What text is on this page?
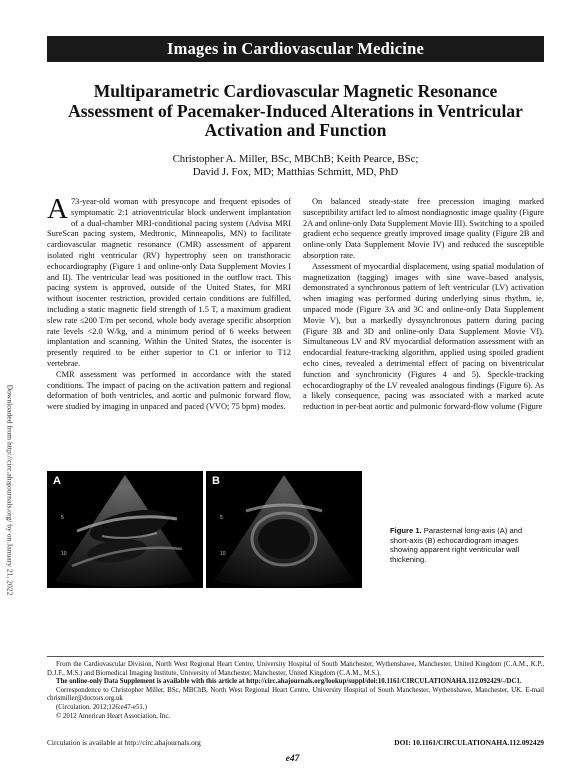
Images in Cardiovascular Medicine
Multiparametric Cardiovascular Magnetic Resonance Assessment of Pacemaker-Induced Alterations in Ventricular Activation and Function
Christopher A. Miller, BSc, MBChB; Keith Pearce, BSc;
David J. Fox, MD; Matthias Schmitt, MD, PhD
Downloaded from http://circ.ahajournals.org/ by on January 21, 2022

A 73-year-old woman with presyncope and frequent episodes of symptomatic 2:1 atrioventricular block underwent implantation of a dual-chamber MRI-conditional pacing system (Advisa MRI SureScan pacing system, Medtronic, Minneapolis, MN) to facilitate cardiovascular magnetic resonance (CMR) assessment of apparent isolated right ventricular (RV) hypertrophy seen on transthoracic echocardiography (Figure 1 and online-only Data Supplement Movies I and II). The ventricular lead was positioned in the outflow tract. This pacing system is approved, outside of the United States, for MRI without isocenter restriction, provided certain conditions are fulfilled, including a static magnetic field strength of 1.5 T, a maximum gradient slew rate ≤200 T/m per second, whole body average specific absorption rate levels <2.0 W/kg, and a minimum period of 6 weeks between implantation and scanning. Within the United States, the isocenter is presently required to be either superior to C1 or inferior to T12 vertebrae.

CMR assessment was performed in accordance with the stated conditions. The impact of pacing on the activation pattern and regional deformation of both ventricles, and aortic and pulmonic forward flow, were studied by imaging in unpaced and paced (VVO; 75 bpm) modes.

On balanced steady-state free precession imaging marked susceptibility artifact led to almost nondiagnostic image quality (Figure 2A and online-only Data Supplement Movie III). Switching to a spoiled gradient echo sequence greatly improved image quality (Figure 2B and online-only Data Supplement Movie IV) and reduced the susceptible absorption rate.

Assessment of myocardial displacement, using spatial modulation of magnetization (tagging) images with sine wave–based analysis, demonstrated a synchronous pattern of left ventricular (LV) activation when imaging was performed during underlying sinus rhythm, ie, unpaced mode (Figure 3A and 3C and online-only Data Supplement Movie V), but a markedly dyssynchronous pattern during pacing (Figure 3B and 3D and online-only Data Supplement Movie VI). Simultaneous LV and RV myocardial deformation assessment with an endocardial feature-tracking algorithm, applied using spoiled gradient echo cines, revealed a detrimental effect of pacing on biventricular function and synchronicity (Figures 4 and 5). Speckle-tracking echocardiography of the LV revealed analogous findings (Figure 6). As a likely consequence, pacing was associated with a marked acute reduction in per-beat aortic and pulmonic forward-flow volume (Figure

5
10
A
5
10
B
Figure 1. Parasternal long-axis (A) and short-axis (B) echocardiogram images showing apparent right ventricular wall thickening.

From the Cardiovascular Division, North West Regional Heart Centre, University Hospital of South Manchester, Wythenshawe, Manchester, United Kingdom (C.A.M., K.P., D.J.F., M.S.) and Biomedical Imaging Institute, University of Manchester, Manchester, United Kingdom (C.A.M., M.S.).

The online-only Data Supplement is available with this article at http://circ.ahajournals.org/lookup/suppl/doi:10.1161/CIRCULATIONAHA.112.092429/-/DC1.

Correspondence to Christopher Miller, BSc, MBChB, North West Regional Heart Centre, University Hospital of South Manchester, Wythenshawe, Manchester, UK. E-mail chrismiller@doctors.org.uk

(Circulation. 2012;126:e47-e51.)

© 2012 American Heart Association, Inc.

Circulation is available at http://circ.ahajournals.org	DOI: 10.1161/CIRCULATIONAHA.112.092429
e47
